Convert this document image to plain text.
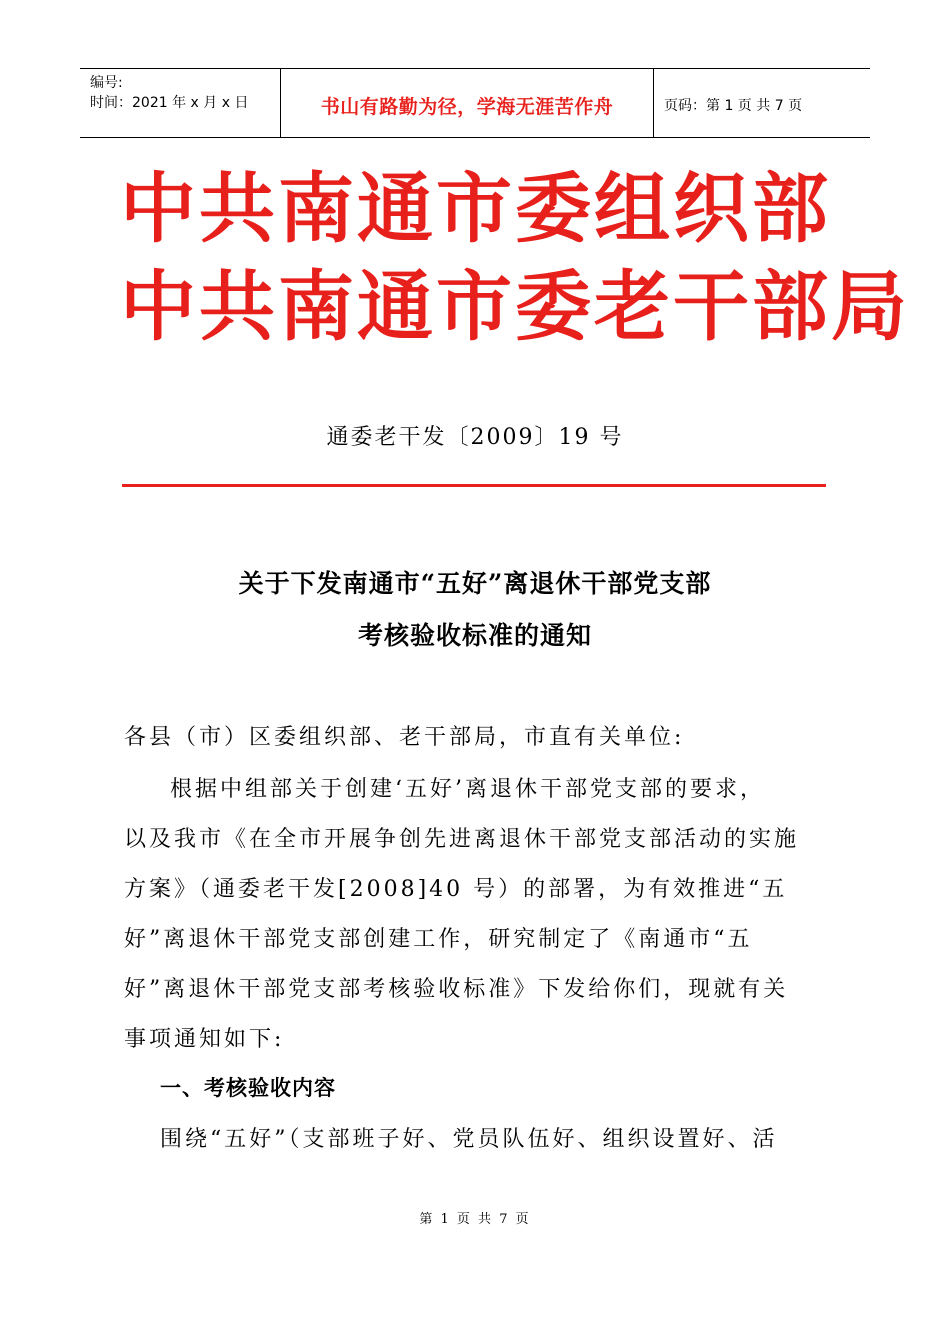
编号:
时间：2021 年 x 月 x 日	书山有路勤为径，学海无涯苦作舟	页码：第 1 页 共 7 页
中共南通市委组织部
中共南通市委老干部局
通委老干发〔2009〕19 号
关于下发南通市“五好”离退休干部党支部
考核验收标准的通知
各县（市）区委组织部、老干部局，市直有关单位:
根据中组部关于创建‘五好’离退休干部党支部的要求，
以及我市《在全市开展争创先进离退休干部党支部活动的实施
方案》（通委老干发[2008]40 号）的部署，为有效推进“五
好”离退休干部党支部创建工作，研究制定了《南通市“五
好”离退休干部党支部考核验收标准》下发给你们，现就有关
事项通知如下:
一、考核验收内容
围绕“五好”（支部班子好、党员队伍好、组织设置好、活
第 1 页 共 7 页
